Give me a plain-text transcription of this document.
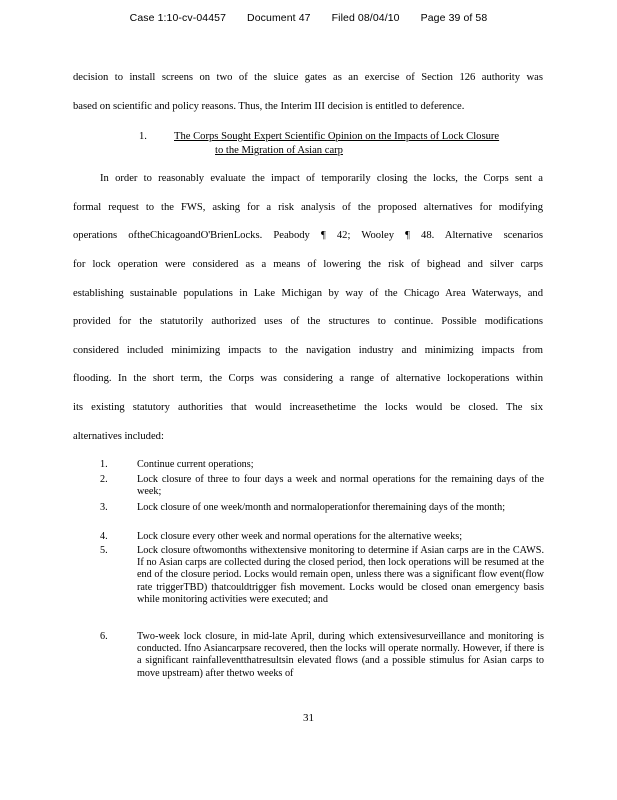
Case 1:10-cv-04457 Document 47 Filed 08/04/10 Page 39 of 58
decision to install screens on two of the sluice gates as an exercise of Section 126 authority was
based on scientific and policy reasons. Thus, the Interim III decision is entitled to deference.
1.	The Corps Sought Expert Scientific Opinion on the Impacts of Lock Closure
to the Migration of Asian carp
In order to reasonably evaluate the impact of temporarily closing the locks, the Corps sent a
formal request to the FWS, asking for a risk analysis of the proposed alternatives for modifying
operations oftheChicagoandO'BrienLocks. Peabody ¶ 42; Wooley ¶ 48. Alternative scenarios
for lock operation were considered as a means of lowering the risk of bighead and silver carps
establishing sustainable populations in Lake Michigan by way of the Chicago Area Waterways, and
provided for the statutorily authorized uses of the structures to continue. Possible modifications
considered included minimizing impacts to the navigation industry and minimizing impacts from
flooding. In the short term, the Corps was considering a range of alternative lockoperations within
its existing statutory authorities that would increasethetime the locks would be closed. The six
alternatives included:
1.	Continue current operations;
2.	Lock closure of three to four days a week and normal operations for the remaining days of the week;
3.	Lock closure of one week/month and normaloperationfor theremaining days of the month;
4.	Lock closure every other week and normal operations for the alternative weeks;
5.	Lock closure oftwomonths withextensive monitoring to determine if Asian carps are in the CAWS. If no Asian carps are collected during the closed period, then lock operations will be resumed at the end of the closure period. Locks would remain open, unless there was a significant flow event(flow rate triggerTBD) thatcouldtrigger fish movement. Locks would be closed onan emergency basis while monitoring activities were executed; and
6.	Two-week lock closure, in mid-late April, during which extensivesurveillance and monitoring is conducted. Ifno Asiancarpsare recovered, then the locks will operate normally. However, if there is a significant rainfalleventthatresultsin elevated flows (and a possible stimulus for Asian carps to move upstream) after thetwo weeks of
31
